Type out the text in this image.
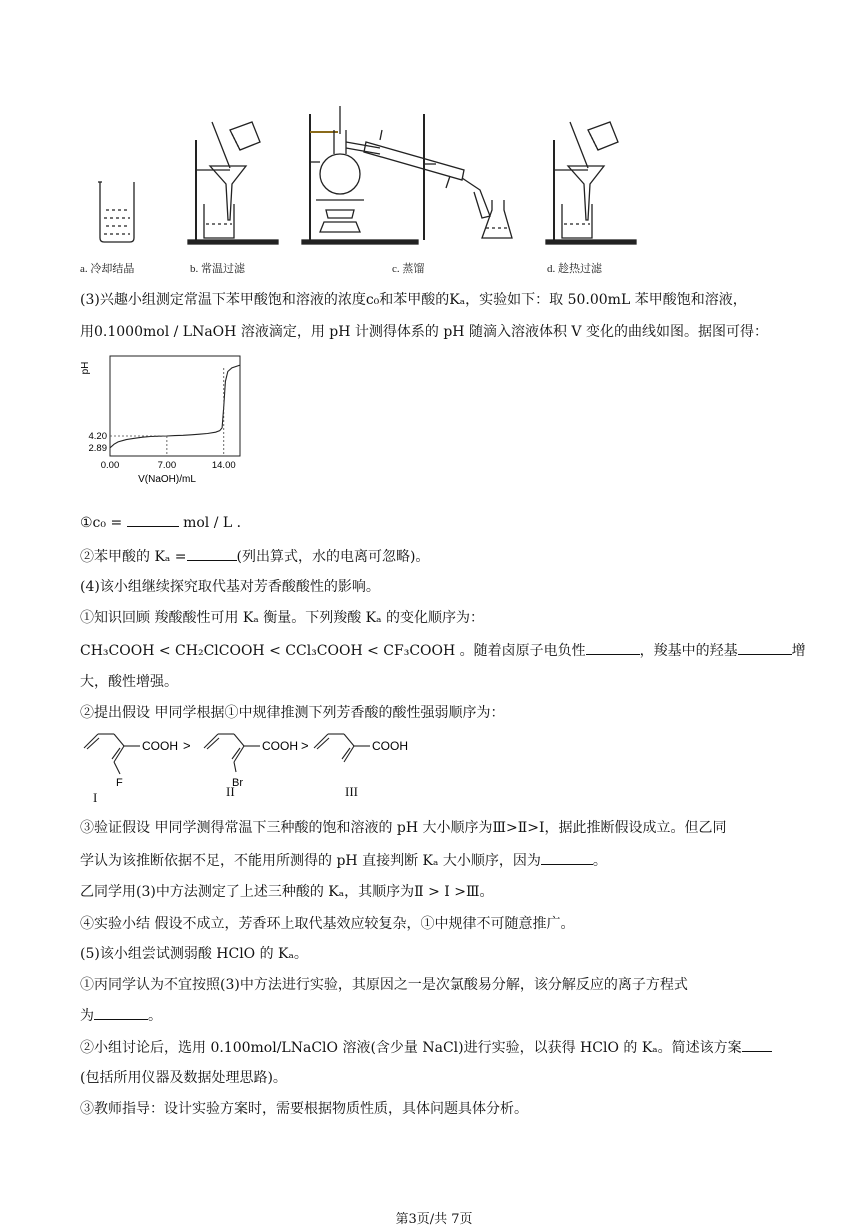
a. 冷却结晶	b. 常温过滤	c. 蒸馏	d. 趁热过滤
(3)兴趣小组测定常温下苯甲酸饱和溶液的浓度c₀和苯甲酸的Kₐ，实验如下：取 50.00mL 苯甲酸饱和溶液，
用0.1000mol / LNaOH 溶液滴定，用 pH 计测得体系的 pH 随滴入溶液体积 V 变化的曲线如图。据图可得：
pH
2.89
4.20
0.00	7.00	14.00
V(NaOH)/mL
①c₀ =	mol / L ．
②苯甲酸的 Kₐ =	(列出算式，水的电离可忽略)。
(4)该小组继续探究取代基对芳香酸酸性的影响。
①知识回顾 羧酸酸性可用 Kₐ 衡量。下列羧酸 Kₐ 的变化顺序为：
CH₃COOH < CH₂ClCOOH < CCl₃COOH < CF₃COOH 。随着卤原子电负性	，羧基中的羟基	增
大，酸性增强。
②提出假设 甲同学根据①中规律推测下列芳香酸的酸性强弱顺序为：
COOH >
F
COOH >
Br
COOH
I	II	III
③验证假设 甲同学测得常温下三种酸的饱和溶液的 pH 大小顺序为Ⅲ>Ⅱ>Ⅰ，据此推断假设成立。但乙同
学认为该推断依据不足，不能用所测得的 pH 直接判断 Kₐ 大小顺序，因为	。
乙同学用(3)中方法测定了上述三种酸的 Kₐ，其顺序为Ⅱ > Ⅰ >Ⅲ。
④实验小结 假设不成立，芳香环上取代基效应较复杂，①中规律不可随意推广。
(5)该小组尝试测弱酸 HClO 的 Kₐ。
①丙同学认为不宜按照(3)中方法进行实验，其原因之一是次氯酸易分解，该分解反应的离子方程式
为	。
②小组讨论后，选用 0.100mol/LNaClO 溶液(含少量 NaCl)进行实验，以获得 HClO 的 Kₐ。简述该方案
(包括所用仪器及数据处理思路)。
③教师指导：设计实验方案时，需要根据物质性质，具体问题具体分析。
第3页/共 7页
